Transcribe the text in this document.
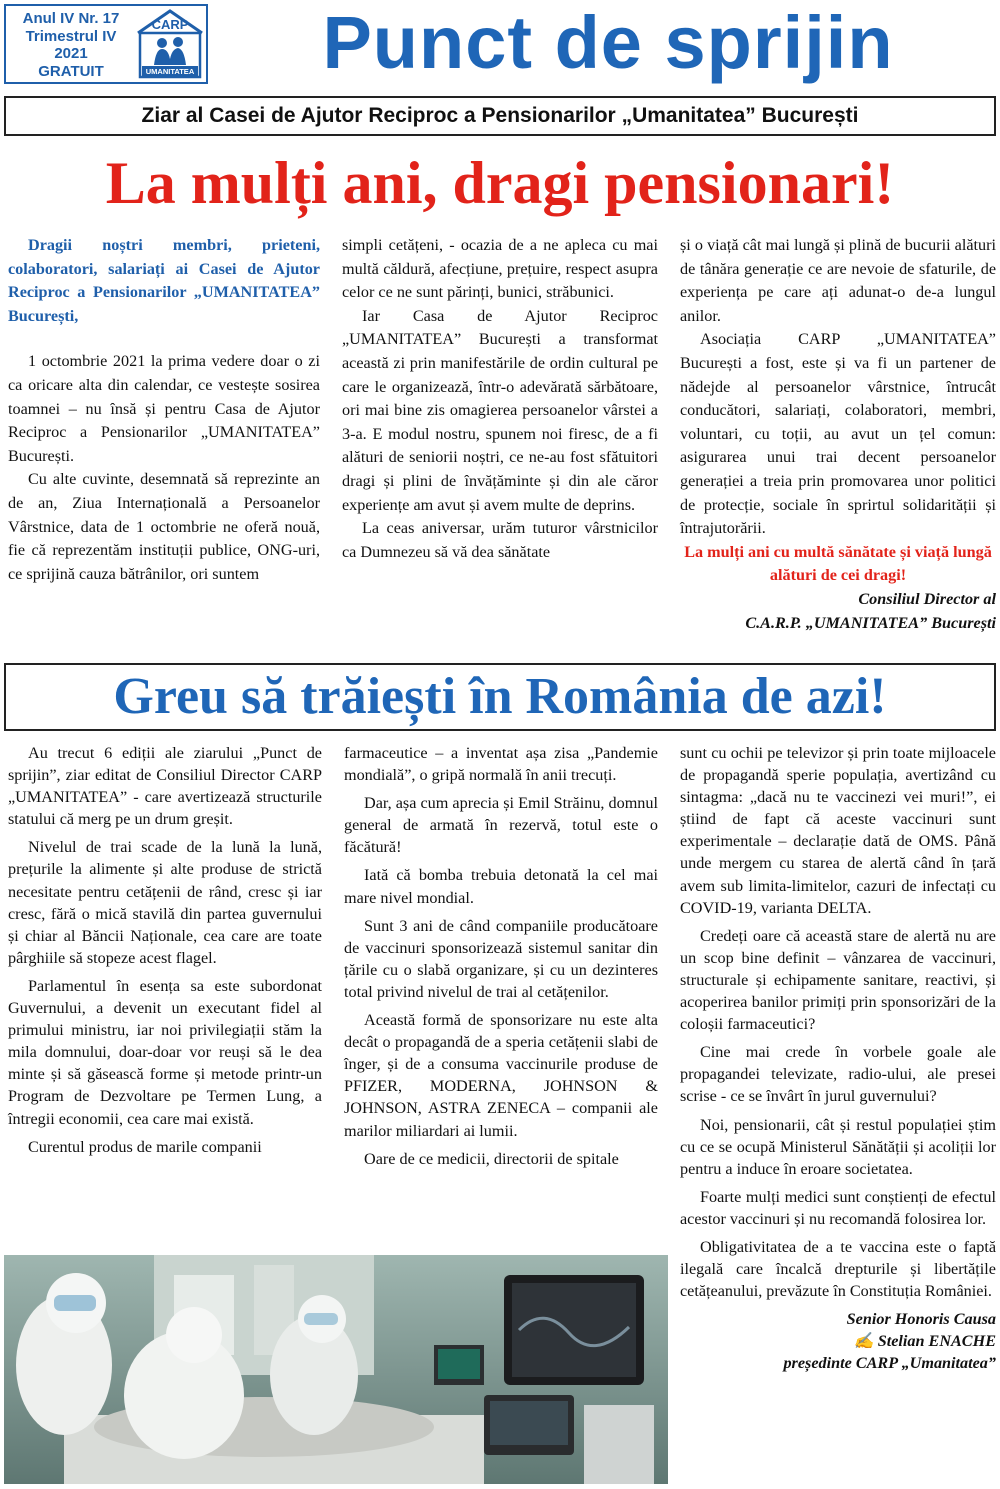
Anul IV Nr. 17
Trimestrul IV
2021
GRATUIT
CARP
UMANITATEA	Punct de sprijin
Ziar al Casei de Ajutor Reciproc a Pensionarilor „Umanitatea” București
La mulți ani, dragi pensionari!

Dragii noștri membri, prieteni, colaboratori, salariați ai Casei de Ajutor Reciproc a Pensionarilor „UMANITATEA” București,

1 octombrie 2021 la prima vedere doar o zi ca oricare alta din calendar, ce vestește sosirea toamnei – nu însă și pentru Casa de Ajutor Reciproc a Pensionarilor „UMANITATEA” București.

Cu alte cuvinte, desemnată să reprezinte an de an, Ziua Internațională a Persoanelor Vârstnice, data de 1 octombrie ne oferă nouă, fie că reprezentăm instituții publice, ONG-uri, ce sprijină cauza bătrânilor, ori suntem

simpli cetățeni, - ocazia de a ne apleca cu mai multă căldură, afecțiune, prețuire, respect asupra celor ce ne sunt părinți, bunici, străbunici.

Iar Casa de Ajutor Reciproc „UMANITATEA” București a transformat această zi prin manifestările de ordin cultural pe care le organizează, într-o adevărată sărbătoare, ori mai bine zis omagierea persoanelor vârstei a 3-a. E modul nostru, spunem noi firesc, de a fi alături de seniorii noștri, ce ne-au fost sfătuitori dragi și plini de învățăminte și din ale căror experiențe am avut și avem multe de deprins.

La ceas aniversar, urăm tuturor vârstnicilor ca Dumnezeu să vă dea sănătate

și o viață cât mai lungă și plină de bucurii alături de tânăra generație ce are nevoie de sfaturile, de experiența pe care ați adunat-o de-a lungul anilor.

Asociația CARP „UMANITATEA” București a fost, este și va fi un partener de nădejde al persoanelor vârstnice, întrucât conducători, salariați, colaboratori, membri, voluntari, cu toții, au avut un țel comun: asigurarea unui trai decent persoanelor generației a treia prin promovarea unor politici de protecție, sociale în sprirtul solidarității și întrajutorării.

La mulți ani cu multă sănătate și viață lungă alături de cei dragi!

Consiliul Director al

C.A.R.P. „UMANITATEA” București

Greu să trăiești în România de azi!

Au trecut 6 ediții ale ziarului „Punct de sprijin”, ziar editat de Consiliul Director CARP „UMANITATEA” - care avertizează structurile statului că merg pe un drum greșit.

Nivelul de trai scade de la lună la lună, prețurile la alimente și alte produse de strictă necesitate pentru cetățenii de rând, cresc și iar cresc, fără o mică stavilă din partea guvernului și chiar al Băncii Naționale, cea care are toate pârghiile să stopeze acest flagel.

Parlamentul în esența sa este subordonat Guvernului, a devenit un executant fidel al primului ministru, iar noi privilegiații stăm la mila domnului, doar-doar vor reuși să le dea minte și să găsească forme și metode printr-un Program de Dezvoltare pe Termen Lung, a întregii economii, cea care mai există.

Curentul produs de marile companii

farmaceutice – a inventat așa zisa „Pandemie mondială”, o gripă normală în anii trecuți.

Dar, așa cum aprecia și Emil Străinu, domnul general de armată în rezervă, totul este o făcătură!

Iată că bomba trebuia detonată la cel mai mare nivel mondial.

Sunt 3 ani de când companiile producătoare de vaccinuri sponsorizează sistemul sanitar din țările cu o slabă organizare, și cu un dezinteres total privind nivelul de trai al cetățenilor.

Această formă de sponsorizare nu este alta decât o propagandă de a speria cetățenii slabi de înger, și de a consuma vaccinurile produse de PFIZER, MODERNA, JOHNSON & JOHNSON, ASTRA ZENECA – companii ale marilor miliardari ai lumii.

Oare de ce medicii, directorii de spitale

sunt cu ochii pe televizor și prin toate mijloacele de propagandă sperie populația, avertizând cu sintagma: „dacă nu te vaccinezi vei muri!”, ei știind de fapt că aceste vaccinuri sunt experimentale – declarație dată de OMS. Până unde mergem cu starea de alertă când în țară avem sub limita-limitelor, cazuri de infectați cu COVID-19, varianta DELTA.

Credeți oare că această stare de alertă nu are un scop bine definit – vânzarea de vaccinuri, structurale și echipamente sanitare, reactivi, și acoperirea banilor primiți prin sponsorizări de la coloșii farmaceutici?

Cine mai crede în vorbele goale ale propagandei televizate, radio-ului, ale presei scrise - ce se învârt în jurul guvernului?

Noi, pensionarii, cât și restul populației știm cu ce se ocupă Ministerul Sănătății și acoliții lor pentru a induce în eroare societatea.

Foarte mulți medici sunt conștienți de efectul acestor vaccinuri și nu recomandă folosirea lor.

Obligativitatea de a te vaccina este o faptă ilegală care încalcă drepturile și libertățile cetățeanului, prevăzute în Constituția României.

Senior Honoris Causa

✍ Stelian ENACHE

președinte CARP „Umanitatea”
